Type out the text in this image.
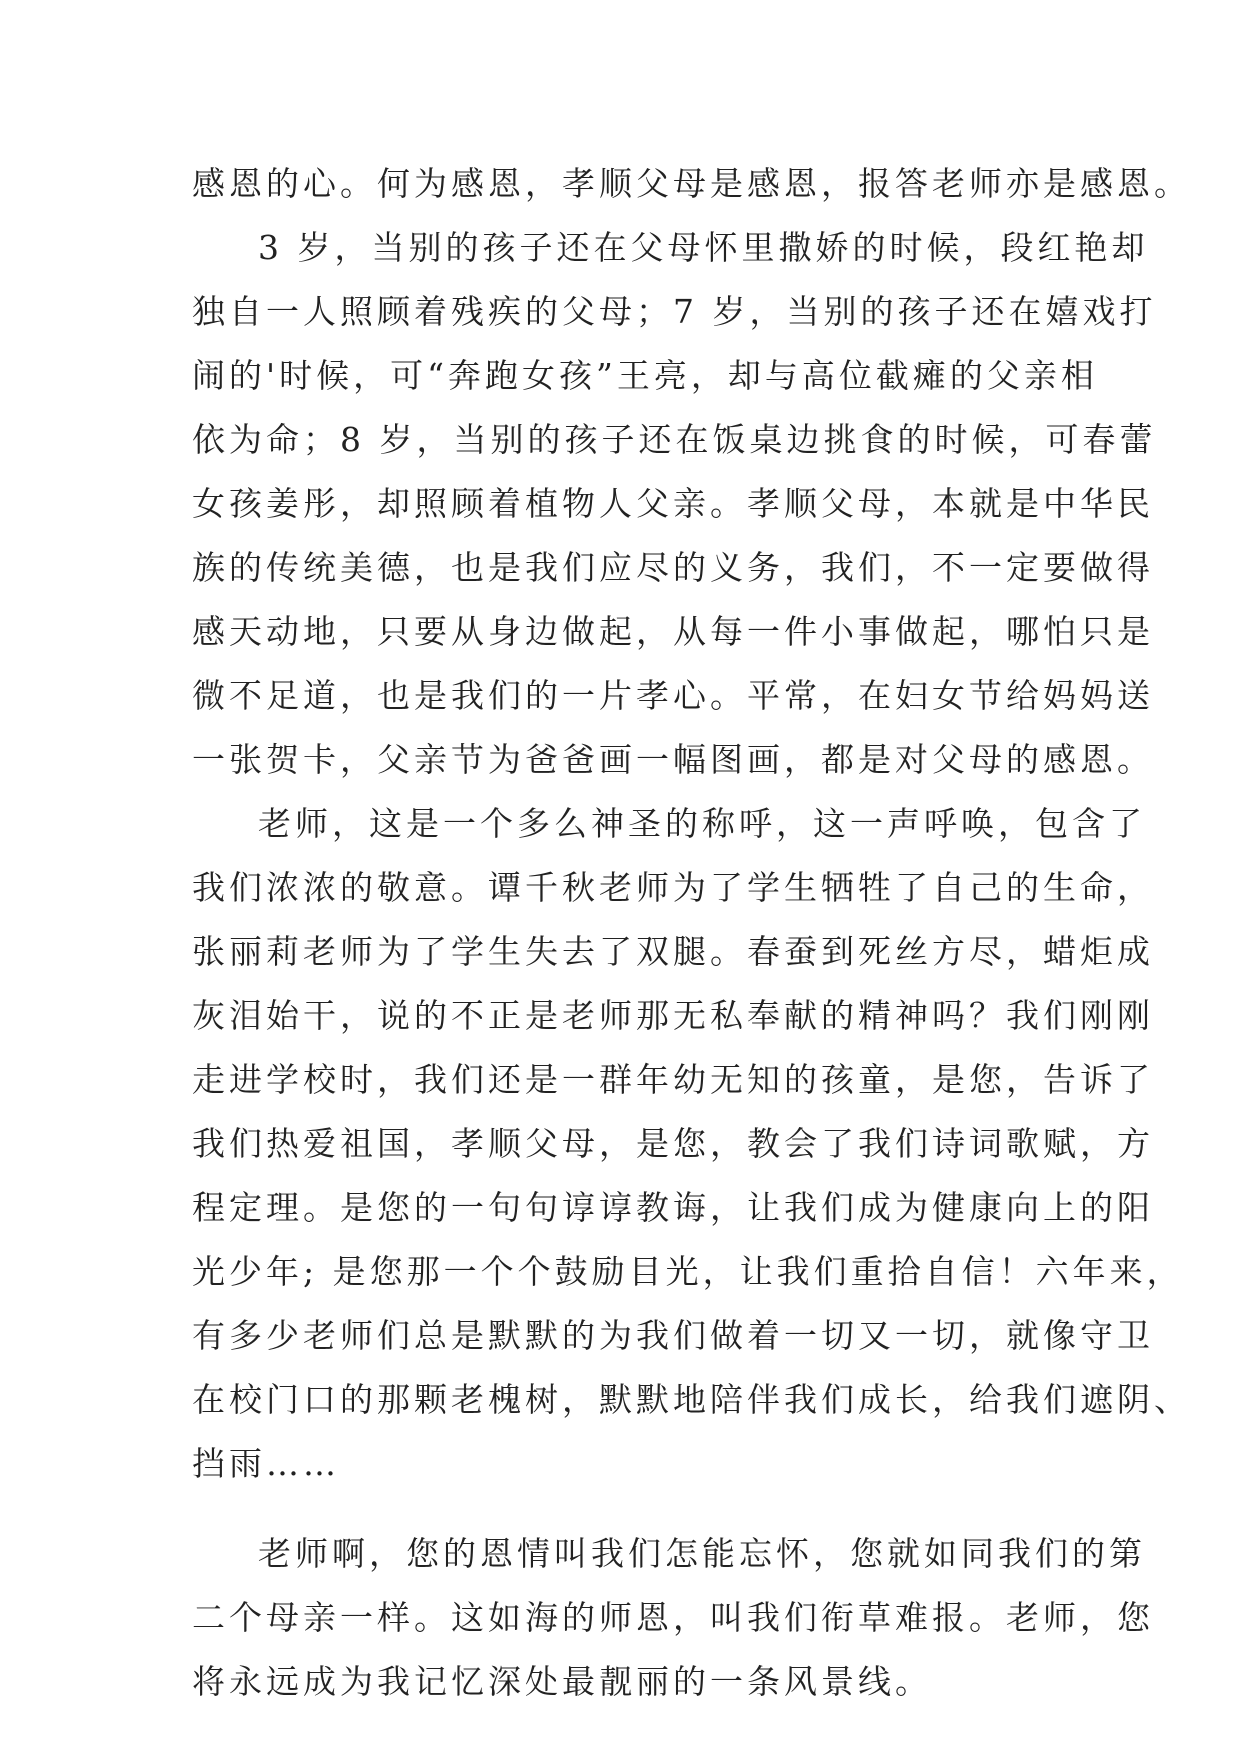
感恩的心。何为感恩，孝顺父母是感恩，报答老师亦是感恩。
3 岁，当别的孩子还在父母怀里撒娇的时候，段红艳却
独自一人照顾着残疾的父母；7 岁，当别的孩子还在嬉戏打
闹的'时候，可“奔跑女孩”王亮，却与高位截瘫的父亲相
依为命；8 岁，当别的孩子还在饭桌边挑食的时候，可春蕾
女孩姜彤，却照顾着植物人父亲。孝顺父母，本就是中华民
族的传统美德，也是我们应尽的义务，我们，不一定要做得
感天动地，只要从身边做起，从每一件小事做起，哪怕只是
微不足道，也是我们的一片孝心。平常，在妇女节给妈妈送
一张贺卡，父亲节为爸爸画一幅图画，都是对父母的感恩。
老师，这是一个多么神圣的称呼，这一声呼唤，包含了
我们浓浓的敬意。谭千秋老师为了学生牺牲了自己的生命，
张丽莉老师为了学生失去了双腿。春蚕到死丝方尽，蜡炬成
灰泪始干，说的不正是老师那无私奉献的精神吗？我们刚刚
走进学校时，我们还是一群年幼无知的孩童，是您，告诉了
我们热爱祖国，孝顺父母，是您，教会了我们诗词歌赋，方
程定理。是您的一句句谆谆教诲，让我们成为健康向上的阳
光少年; 是您那一个个鼓励目光，让我们重拾自信！六年来，
有多少老师们总是默默的为我们做着一切又一切，就像守卫
在校门口的那颗老槐树，默默地陪伴我们成长，给我们遮阴、
挡雨……
老师啊，您的恩情叫我们怎能忘怀，您就如同我们的第
二个母亲一样。这如海的师恩，叫我们衔草难报。老师，您
将永远成为我记忆深处最靓丽的一条风景线。
